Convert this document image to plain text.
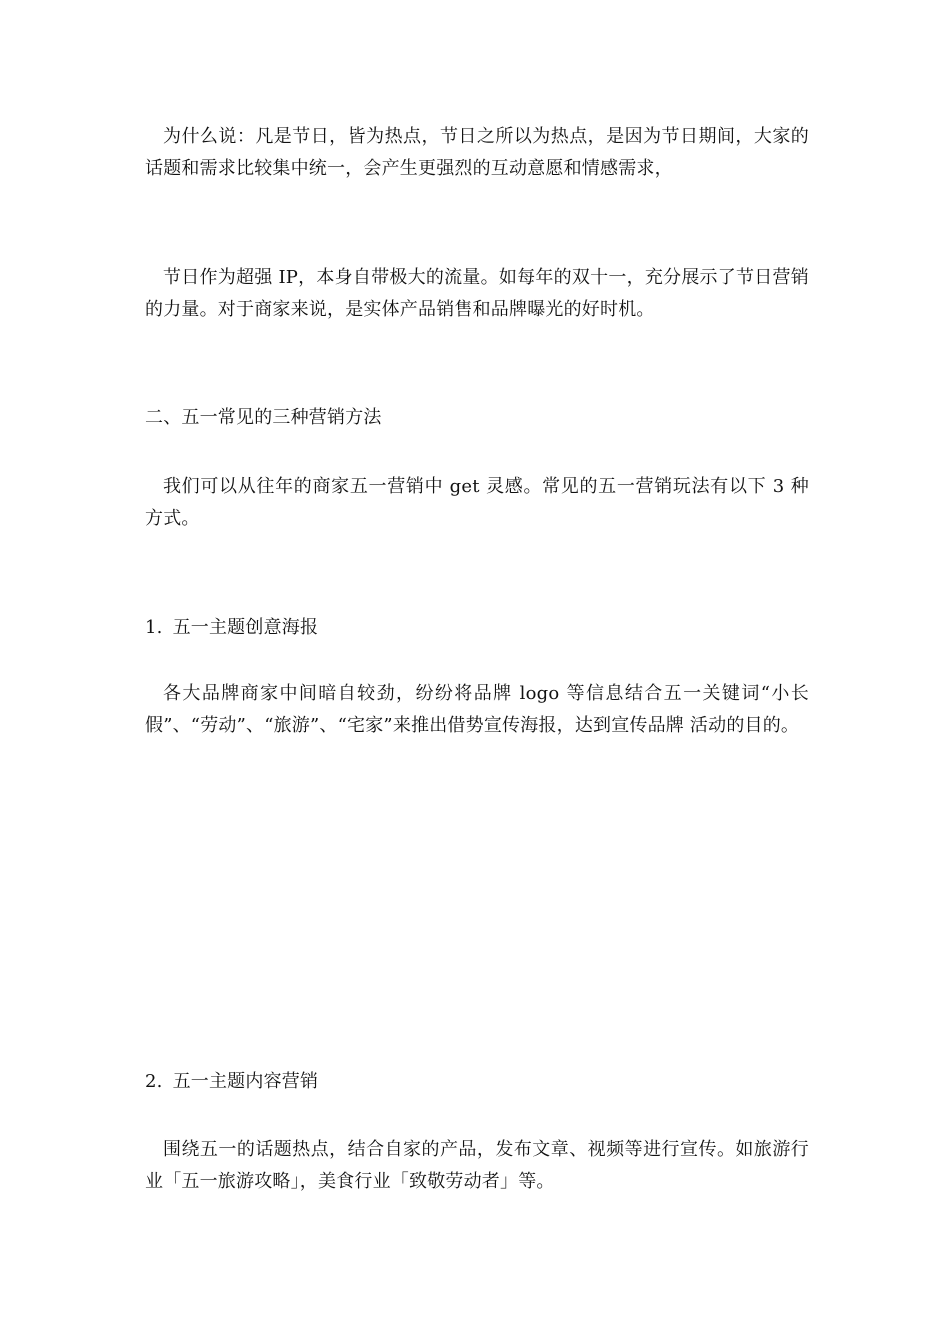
为什么说：凡是节日，皆为热点，节日之所以为热点，是因为节日期间，大家的话题和需求比较集中统一，会产生更强烈的互动意愿和情感需求，

节日作为超强 IP，本身自带极大的流量。如每年的双十一，充分展示了节日营销的力量。对于商家来说，是实体产品销售和品牌曝光的好时机。

二、五一常见的三种营销方法

我们可以从往年的商家五一营销中 get 灵感。常见的五一营销玩法有以下 3 种方式。

1. 五一主题创意海报

各大品牌商家中间暗自较劲，纷纷将品牌 logo 等信息结合五一关键词“小长假”、“劳动”、“旅游”、“宅家”来推出借势宣传海报，达到宣传品牌 活动的目的。

2. 五一主题内容营销

围绕五一的话题热点，结合自家的产品，发布文章、视频等进行宣传。如旅游行业「五一旅游攻略」，美食行业「致敬劳动者」等。
